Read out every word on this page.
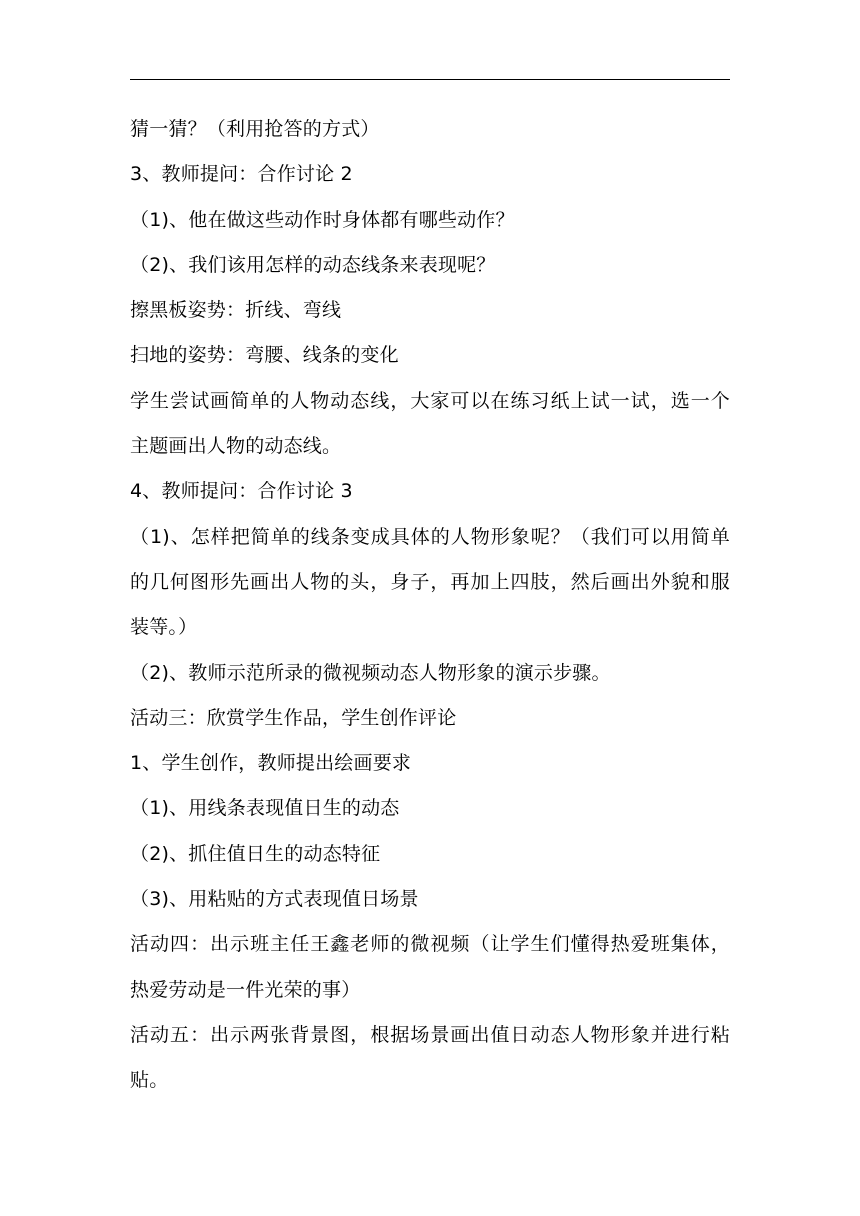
猜一猜？（利用抢答的方式）
3、教师提问：合作讨论 2
（1)、他在做这些动作时身体都有哪些动作？
（2)、我们该用怎样的动态线条来表现呢？
擦黑板姿势：折线、弯线
扫地的姿势：弯腰、线条的变化
学生尝试画简单的人物动态线，大家可以在练习纸上试一试，选一个
主题画出人物的动态线。
4、教师提问：合作讨论 3
（1)、怎样把简单的线条变成具体的人物形象呢？（我们可以用简单
的几何图形先画出人物的头，身子，再加上四肢，然后画出外貌和服
装等。）
（2)、教师示范所录的微视频动态人物形象的演示步骤。
活动三：欣赏学生作品，学生创作评论
1、学生创作，教师提出绘画要求
（1)、用线条表现值日生的动态
（2)、抓住值日生的动态特征
（3)、用粘贴的方式表现值日场景
活动四：出示班主任王鑫老师的微视频（让学生们懂得热爱班集体，
热爱劳动是一件光荣的事）
活动五：出示两张背景图，根据场景画出值日动态人物形象并进行粘
贴。
